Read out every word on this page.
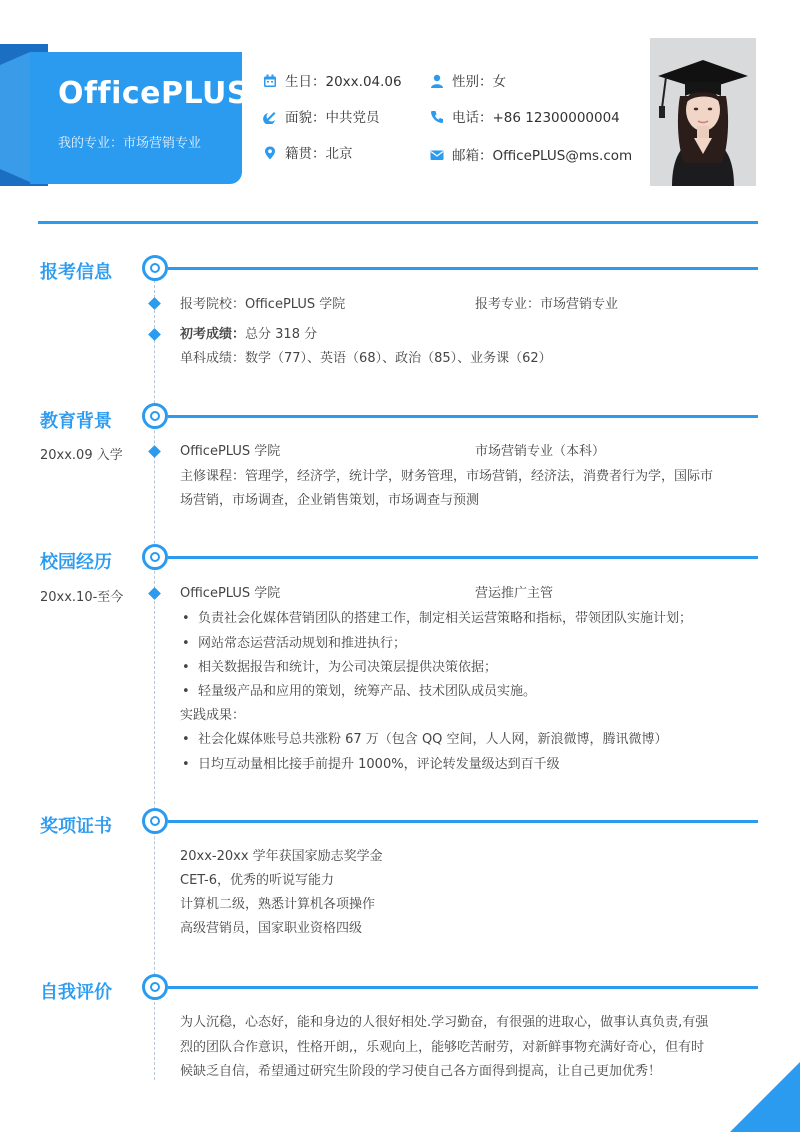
OfficePLUS
我的专业：市场营销专业
生日：20xx.04.06	性别：女
面貌：中共党员	电话：+86 12300000004
籍贯：北京	邮箱：OfficePLUS@ms.com
报考信息
报考院校：OfficePLUS 学院	报考专业：市场营销专业
初考成绩：总分 318 分
单科成绩：数学（77）、英语（68）、政治（85）、业务课（62）
教育背景
20xx.09 入学	OfficePLUS 学院	市场营销专业（本科）
主修课程：管理学，经济学，统计学，财务管理，市场营销，经济法，消费者行为学，国际市
场营销，市场调查，企业销售策划，市场调查与预测
校园经历
20xx.10-至今	OfficePLUS 学院	营运推广主管
• 负责社会化媒体营销团队的搭建工作，制定相关运营策略和指标，带领团队实施计划；
• 网站常态运营活动规划和推进执行；
• 相关数据报告和统计，为公司决策层提供决策依据；
• 轻量级产品和应用的策划，统筹产品、技术团队成员实施。
实践成果：
• 社会化媒体账号总共涨粉 67 万（包含 QQ 空间，人人网，新浪微博，腾讯微博）
• 日均互动量相比接手前提升 1000%，评论转发量级达到百千级
奖项证书
20xx-20xx 学年获国家励志奖学金
CET-6，优秀的听说写能力
计算机二级，熟悉计算机各项操作
高级营销员，国家职业资格四级
自我评价
为人沉稳，心态好，能和身边的人很好相处.学习勤奋，有很强的进取心，做事认真负责,有强
烈的团队合作意识，性格开朗,，乐观向上，能够吃苦耐劳，对新鲜事物充满好奇心，但有时
候缺乏自信，希望通过研究生阶段的学习使自己各方面得到提高，让自己更加优秀！
